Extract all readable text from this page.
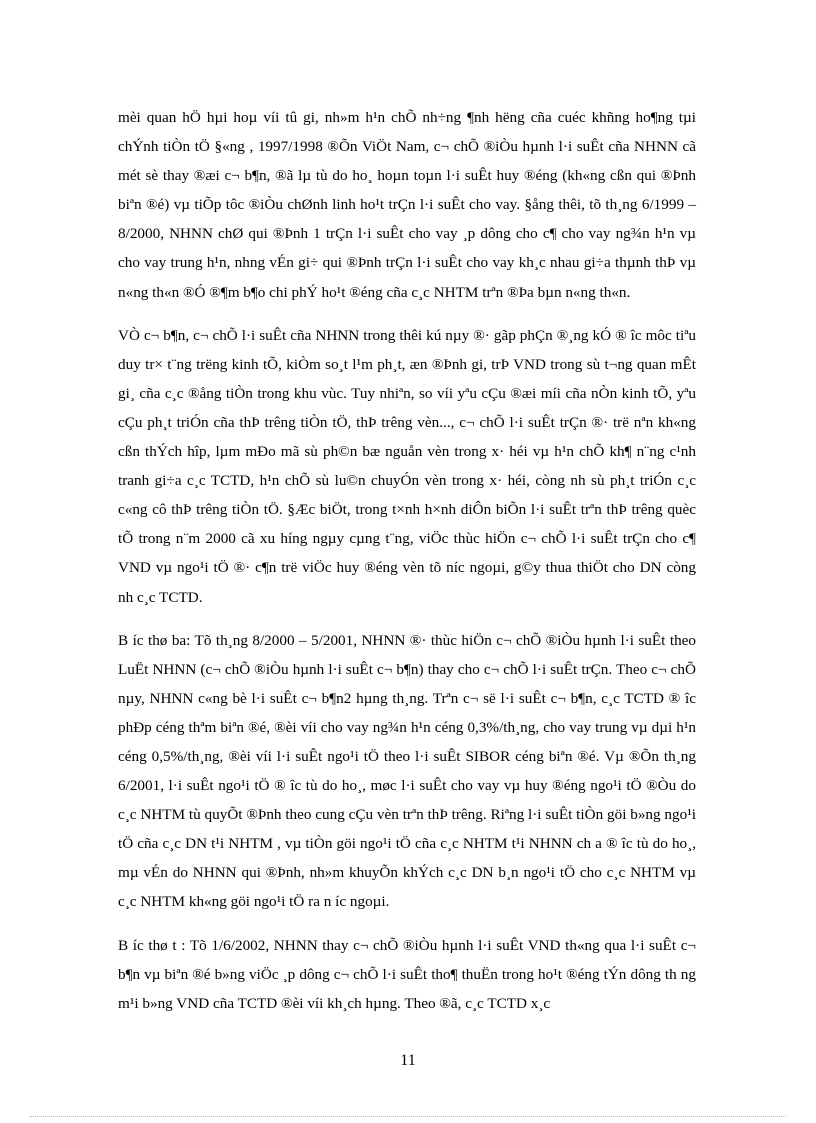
mèi quan hÖ hµi hoµ víi tû gi, nh»m h¹n chÕ nh÷ng ¶nh hëng cña cuéc khñng ho¶ng tµi chÝnh tiÒn tÖ §«ng , 1997/1998 ®Õn ViÖt Nam, c¬ chÕ ®iÒu hµnh l·i suÊt cña NHNN cã mét sè thay ®æi c¬ b¶n, ®ã lµ tù do ho¸ hoµn toµn l·i suÊt huy ®éng (kh«ng cßn qui ®Þnh biªn ®é) vµ tiÕp tôc ®iÒu chØnh linh ho¹t trÇn l·i suÊt cho vay. §ång thêi, tõ th¸ng 6/1999 – 8/2000, NHNN chØ qui ®Þnh 1 trÇn l·i suÊt cho vay ¸p dông cho c¶ cho vay ng¾n h¹n vµ cho vay trung h¹n, nhng vÉn gi÷ qui ®Þnh trÇn l·i suÊt cho vay kh¸c nhau gi÷a thµnh thÞ vµ n«ng th«n ®Ó ®¶m b¶o chi phÝ ho¹t ®éng cña c¸c NHTM trªn ®Þa bµn n«ng th«n.

VÒ c¬ b¶n, c¬ chÕ l·i suÊt cña NHNN trong thêi kú nµy ®· gãp phÇn ®¸ng kÓ ® îc môc tiªu duy tr× t¨ng trëng kinh tÕ, kiÒm so¸t l¹m ph¸t, æn ®Þnh gi, trÞ VND trong sù t¬ng quan mÊt gi¸ cña c¸c ®ång tiÒn trong khu vùc. Tuy nhiªn, so víi yªu cÇu ®æi míi cña nÒn kinh tÕ, yªu cÇu ph¸t triÓn cña thÞ trêng tiÒn tÖ, thÞ trêng vèn..., c¬ chÕ l·i suÊt trÇn ®· trë nªn kh«ng cßn thÝch hîp, lµm mÐo mã sù ph©n bæ nguån vèn trong x· héi vµ h¹n chÕ kh¶ n¨ng c¹nh tranh gi÷a c¸c TCTD, h¹n chÕ sù lu©n chuyÓn vèn trong x· héi, còng nh sù ph¸t triÓn c¸c c«ng cô thÞ trêng tiÒn tÖ. §Æc biÖt, trong t×nh h×nh diÔn biÕn l·i suÊt trªn thÞ trêng quèc tÕ trong n¨m 2000 cã xu híng ngµy cµng t¨ng, viÖc thùc hiÖn c¬ chÕ l·i suÊt trÇn cho c¶ VND vµ ngo¹i tÖ ®· c¶n trë viÖc huy ®éng vèn tõ níc ngoµi, g©y thua thiÖt cho DN còng nh c¸c TCTD.

B íc thø ba: Tõ th¸ng 8/2000 – 5/2001, NHNN ®· thùc hiÖn c¬ chÕ ®iÒu hµnh l·i suÊt theo LuËt NHNN (c¬ chÕ ®iÒu hµnh l·i suÊt c¬ b¶n) thay cho c¬ chÕ l·i suÊt trÇn. Theo c¬ chÕ nµy, NHNN c«ng bè l·i suÊt c¬ b¶n2 hµng th¸ng. Trªn c¬ së l·i suÊt c¬ b¶n, c¸c TCTD ® îc phÐp céng thªm biªn ®é, ®èi víi cho vay ng¾n h¹n céng 0,3%/th¸ng, cho vay trung vµ dµi h¹n céng 0,5%/th¸ng, ®èi víi l·i suÊt ngo¹i tÖ theo l·i suÊt SIBOR céng biªn ®é. Vµ ®Õn th¸ng 6/2001, l·i suÊt ngo¹i tÖ ® îc tù do ho¸, møc l·i suÊt cho vay vµ huy ®éng ngo¹i tÖ ®Òu do c¸c NHTM tù quyÕt ®Þnh theo cung cÇu vèn trªn thÞ trêng. Riªng l·i suÊt tiÒn göi b»ng ngo¹i tÖ cña c¸c DN t¹i NHTM , vµ tiÒn göi ngo¹i tÖ cña c¸c NHTM t¹i NHNN ch a ® îc tù do ho¸, mµ vÉn do NHNN qui ®Þnh, nh»m khuyÕn khÝch c¸c DN b¸n ngo¹i tÖ cho c¸c NHTM vµ c¸c NHTM kh«ng göi ngo¹i tÖ ra n íc ngoµi.

B íc thø t : Tõ 1/6/2002, NHNN thay c¬ chÕ ®iÒu hµnh l·i suÊt VND th«ng qua l·i suÊt c¬ b¶n vµ biªn ®é b»ng viÖc ¸p dông c¬ chÕ l·i suÊt tho¶ thuËn trong ho¹t ®éng tÝn dông th ng m¹i b»ng VND cña TCTD ®èi víi kh¸ch hµng. Theo ®ã, c¸c TCTD x¸c

11
